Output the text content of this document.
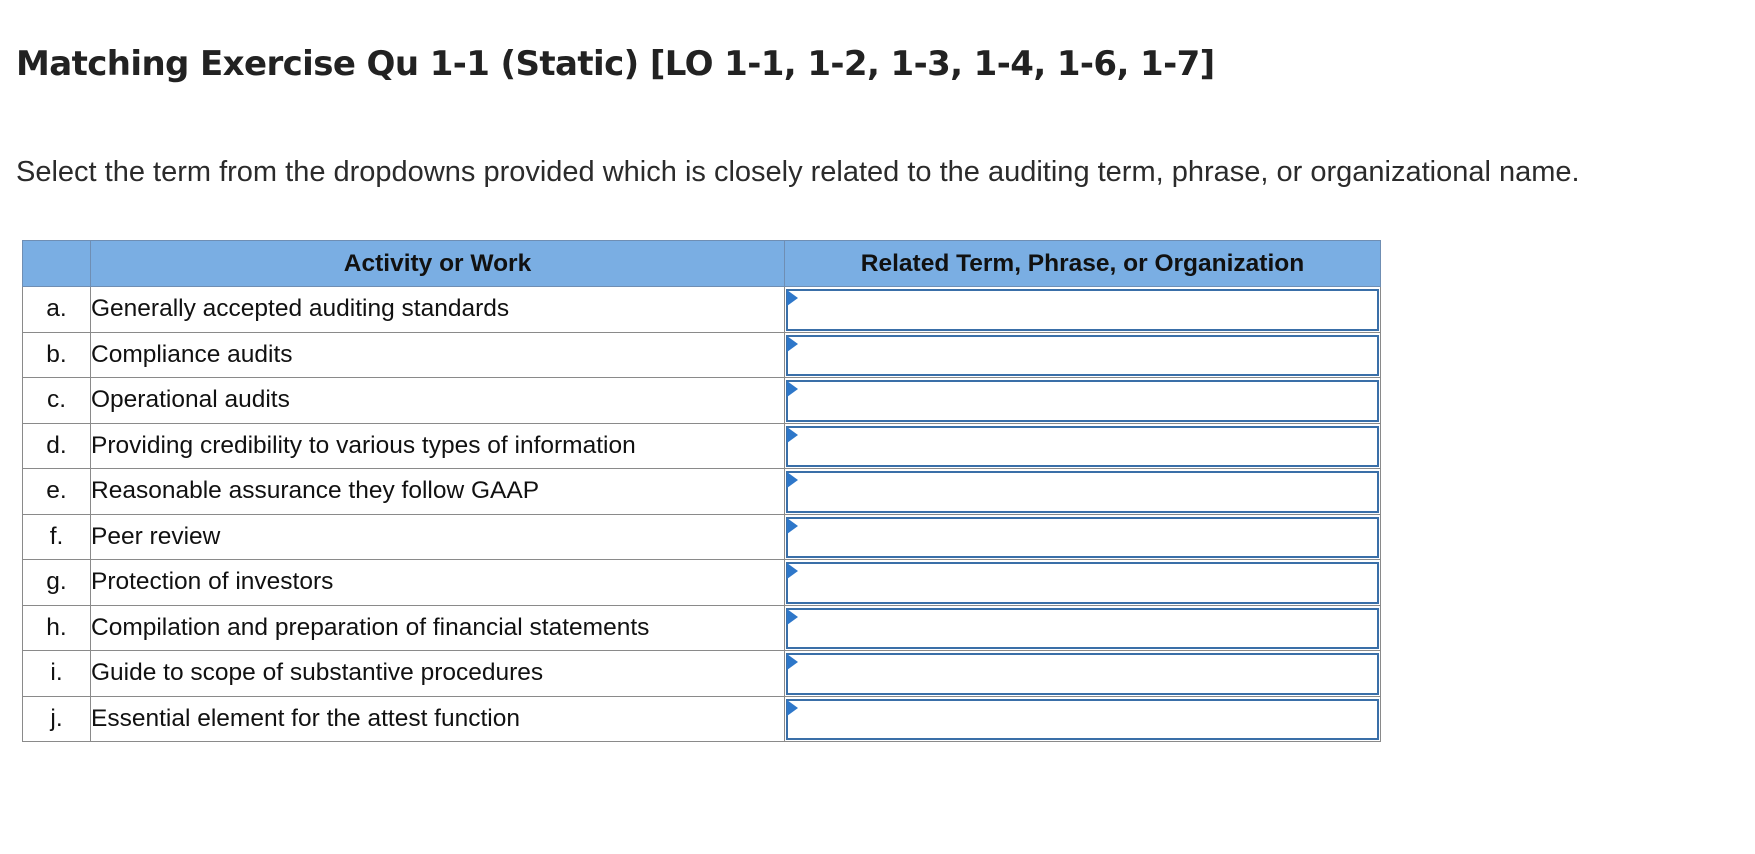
Matching Exercise Qu 1-1 (Static) [LO 1-1, 1-2, 1-3, 1-4, 1-6, 1-7]

Select the term from the dropdowns provided which is closely related to the auditing term, phrase, or organizational name.

	Activity or Work	Related Term, Phrase, or Organization
a.	Generally accepted auditing standards	

b.	Compliance audits	

c.	Operational audits	

d.	Providing credibility to various types of information	

e.	Reasonable assurance they follow GAAP	

f.	Peer review	

g.	Protection of investors	

h.	Compilation and preparation of financial statements	

i.	Guide to scope of substantive procedures	

j.	Essential element for the attest function	
